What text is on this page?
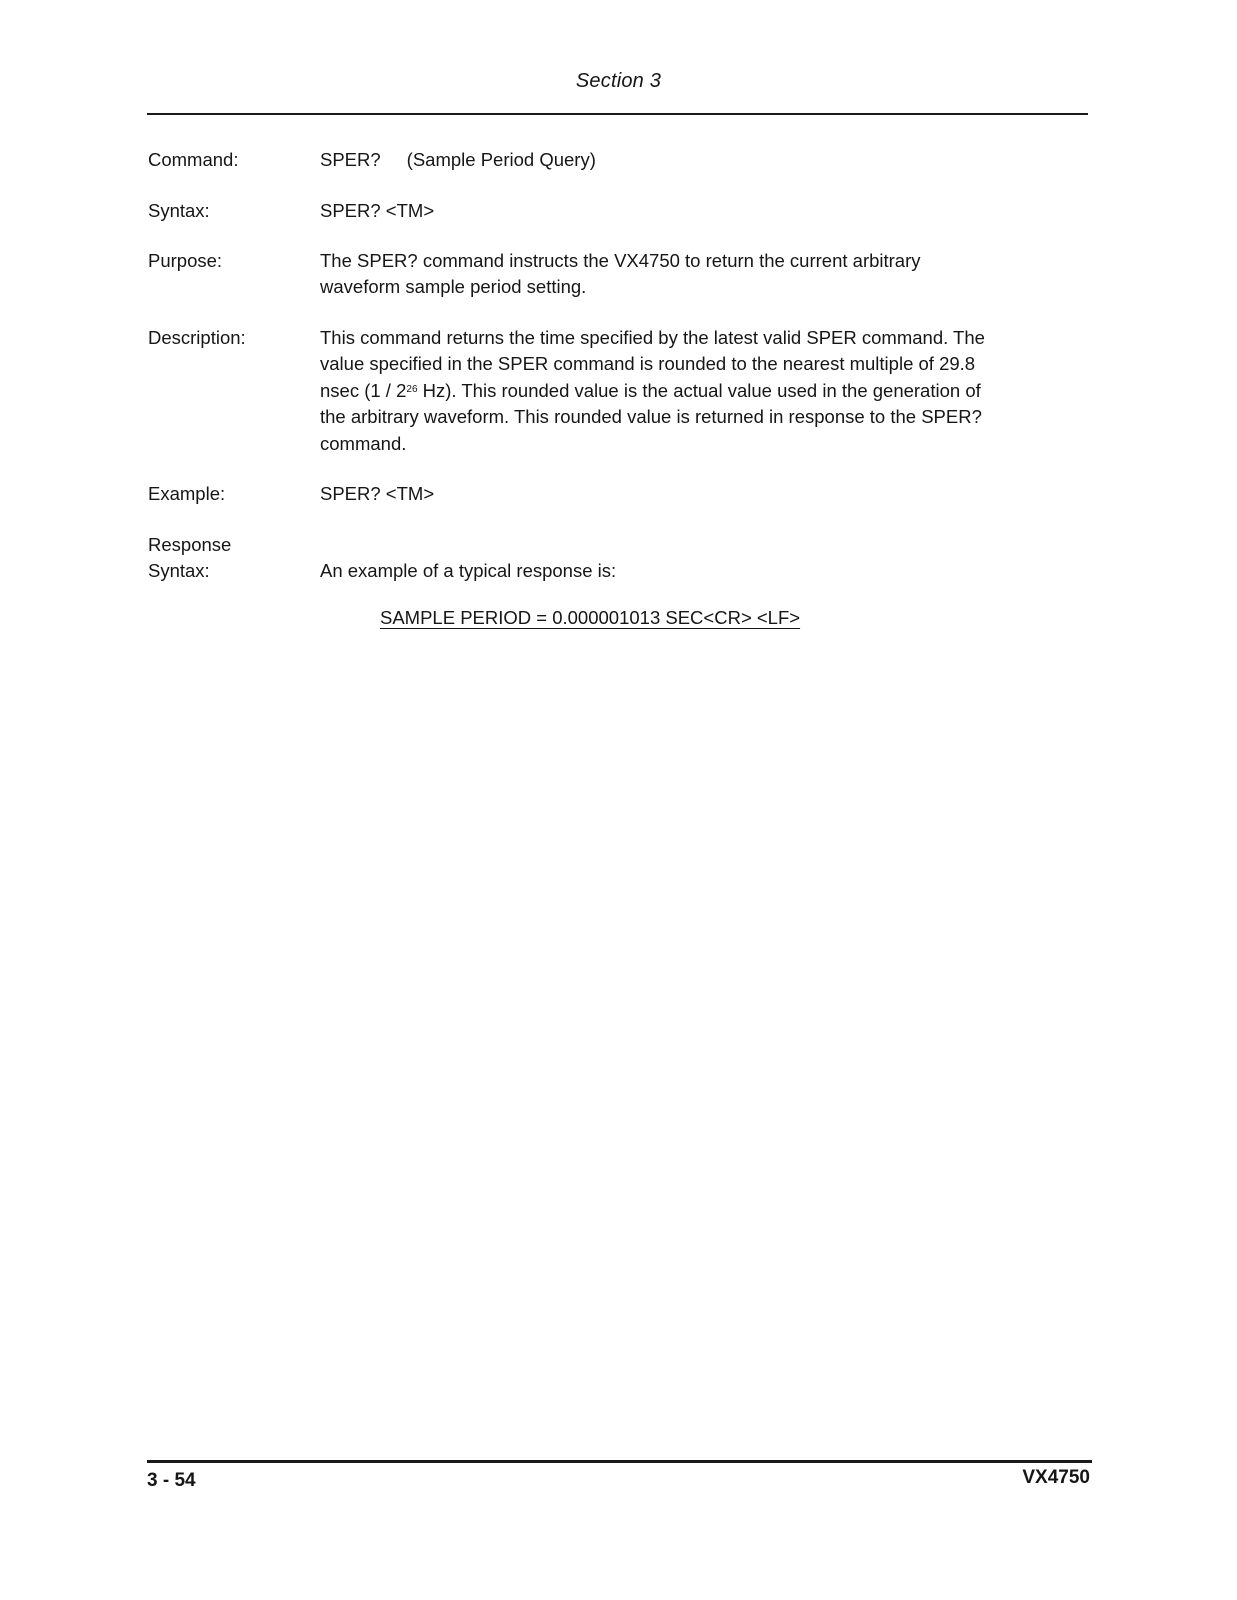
Section 3
Command:	SPER? (Sample Period Query)
Syntax:	SPER? <TM>
Purpose:	The SPER? command instructs the VX4750 to return the current arbitrary
waveform sample period setting.
Description:	This command returns the time specified by the latest valid SPER command. The
value specified in the SPER command is rounded to the nearest multiple of 29.8
nsec ($1 / 2^{26}$ Hz). This rounded value is the actual value used in the generation of
the arbitrary waveform. This rounded value is returned in response to the SPER?
command.
Example:	SPER? <TM>
Response
Syntax:	An example of a typical response is:
SAMPLE PERIOD = 0.000001013 SEC<CR> <LF>
3 - 54	VX4750
